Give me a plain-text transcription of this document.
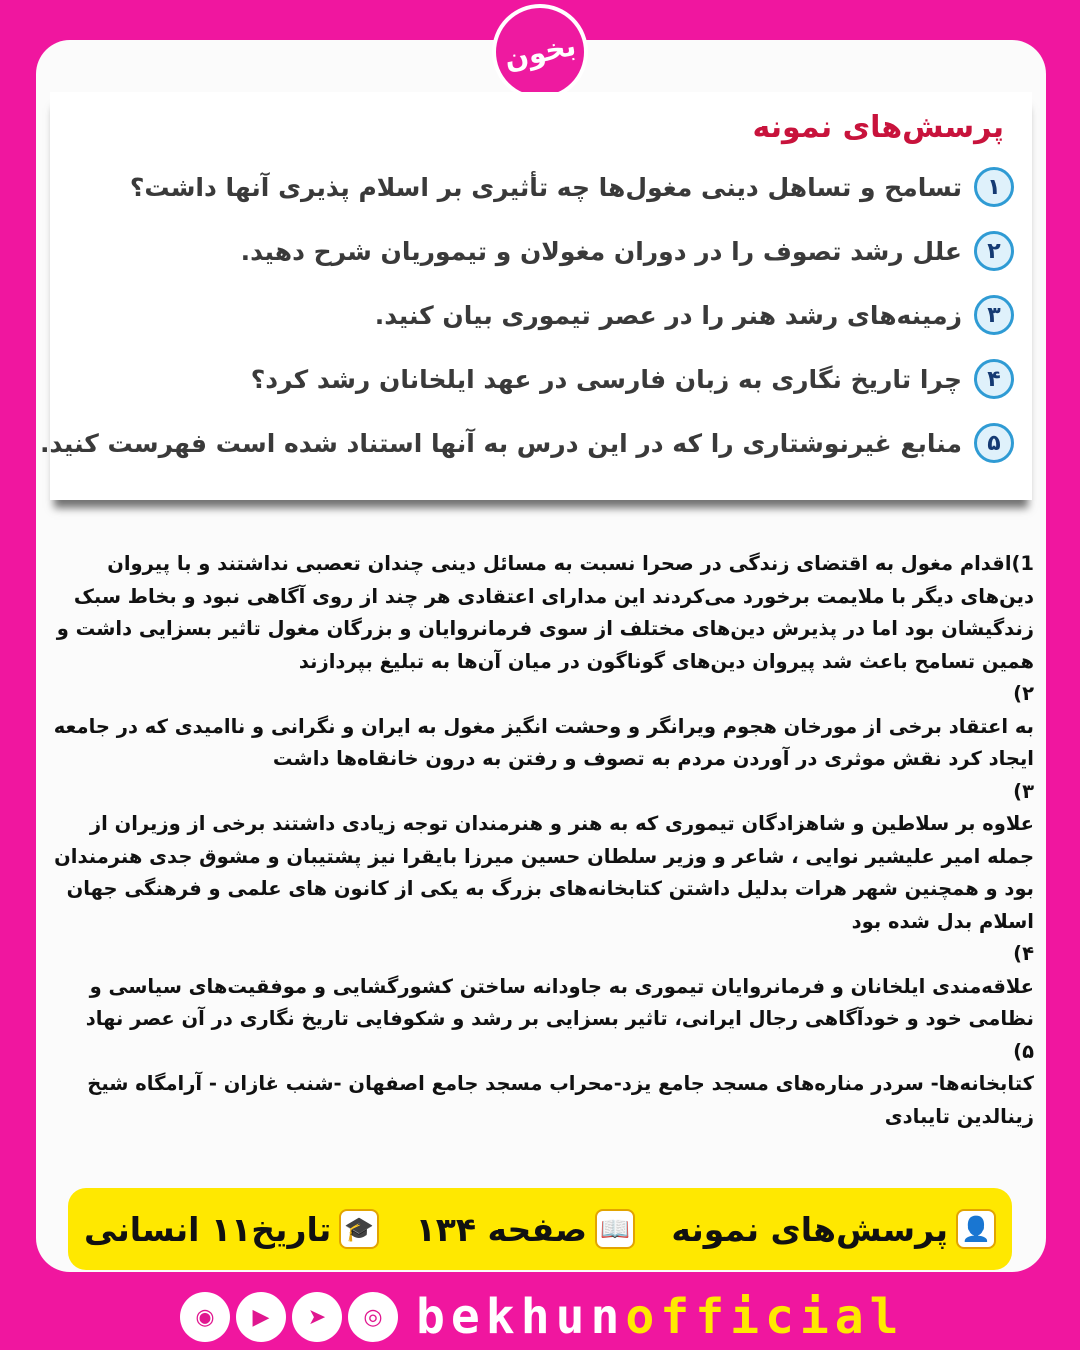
بخون
پرسش‌های نمونه
۱
تسامح و تساهل دینی مغول‌ها چه تأثیری بر اسلام پذیری آنها داشت؟
۲
علل رشد تصوف را در دوران مغولان و تیموریان شرح دهید.
۳
زمینه‌های رشد هنر را در عصر تیموری بیان کنید.
۴
چرا تاریخ نگاری به زبان فارسی در عهد ایلخانان رشد کرد؟
۵
منابع غیرنوشتاری را که در این درس به آنها استناد شده است فهرست کنید.

1)اقدام مغول به اقتضای زندگی در صحرا نسبت به مسائل دینی چندان تعصبی نداشتند و با پیروان دین‌های دیگر با ملایمت برخورد می‌کردند این مدارای اعتقادی هر چند از روی آگاهی نبود و بخاط سبک زندگیشان بود اما در پذیرش دین‌های مختلف از سوی فرمانروایان و بزرگان مغول تاثیر بسزایی داشت و همین تسامح باعث شد پیروان دین‌های گوناگون در میان آن‌ها به تبلیغ بپردازند

۲)

به اعتقاد برخی از مورخان هجوم ویرانگر و وحشت انگیز مغول به ایران و نگرانی و ناامیدی که در جامعه ایجاد کرد نقش موثری در آوردن مردم به تصوف و رفتن به درون خانقاه‌ها داشت

۳)

علاوه بر سلاطین و شاهزادگان تیموری که به هنر و هنرمندان توجه زیادی داشتند برخی از وزیران از جمله امیر علیشیر نوایی ، شاعر و وزیر سلطان حسین میرزا بایقرا نیز پشتیبان و مشوق جدی هنرمندان بود و همچنین شهر هرات بدلیل داشتن کتابخانه‌های بزرگ به یکی از کانون های علمی و فرهنگی جهان اسلام بدل شده بود

۴)

علاقه‌مندی ایلخانان و فرمانروایان تیموری به جاودانه ساختن کشورگشایی و موفقیت‌های سیاسی و نظامی خود و خودآگاهی رجال ایرانی، تاثیر بسزایی بر رشد و شکوفایی تاریخ نگاری در آن عصر نهاد

۵)

کتابخانه‌ها- سردر مناره‌های مسجد جامع یزد-محراب مسجد جامع اصفهان -شنب غازان - آرامگاه شیخ زینالدین تایبادی

👤
پرسش‌های نمونه
📖
صفحه ۱۳۴
🎓
تاریخ۱۱ انسانی
◉	▶	➤	◎ bekhunofficial
